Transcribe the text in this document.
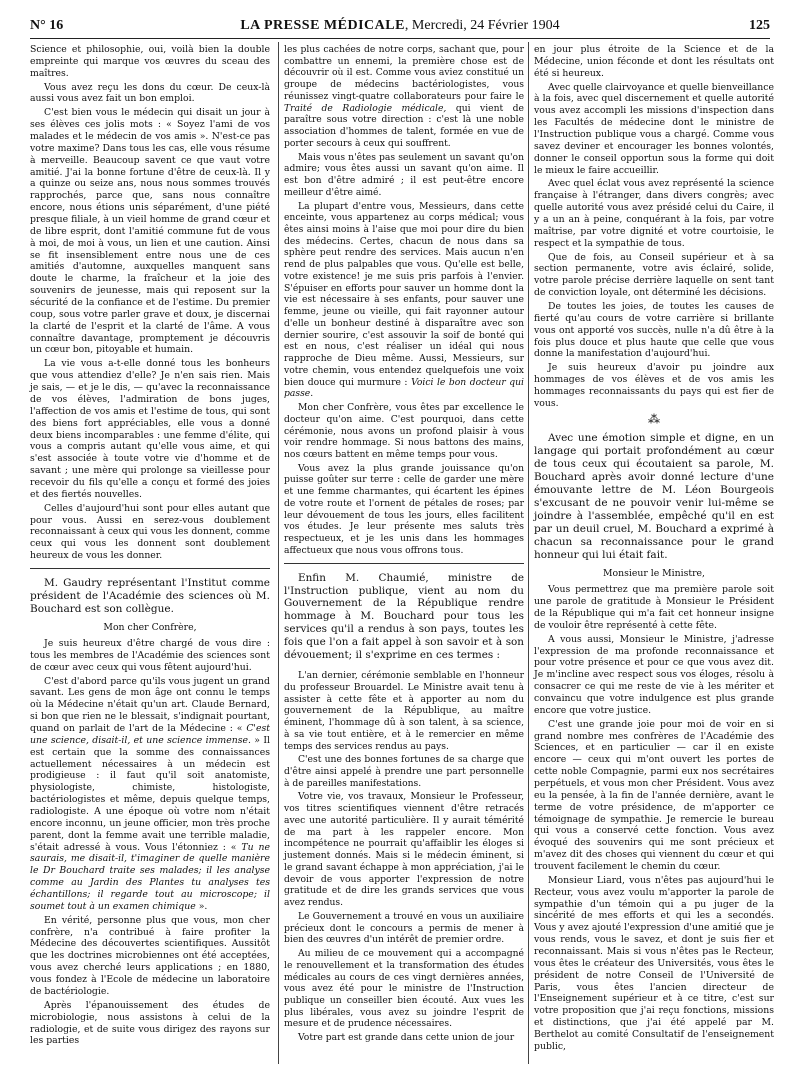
N° 16	LA PRESSE MÉDICALE, Mercredi, 24 Février 1904	125

Science et philosophie, oui, voilà bien la double empreinte qui marque vos œuvres du sceau des maîtres.

Vous avez reçu les dons du cœur. De ceux-là aussi vous avez fait un bon emploi.

C'est bien vous le médecin qui disait un jour à ses élèves ces jolis mots : « Soyez l'ami de vos malades et le médecin de vos amis ». N'est-ce pas votre maxime? Dans tous les cas, elle vous résume à merveille. Beaucoup savent ce que vaut votre amitié. J'ai la bonne fortune d'être de ceux-là. Il y a quinze ou seize ans, nous nous sommes trouvés rapprochés, parce que, sans nous connaître encore, nous étions unis séparément, d'une piété presque filiale, à un vieil homme de grand cœur et de libre esprit, dont l'amitié commune fut de vous à moi, de moi à vous, un lien et une caution. Ainsi se fit insensiblement entre nous une de ces amitiés d'automne, auxquelles manquent sans doute le charme, la fraîcheur et la joie des souvenirs de jeunesse, mais qui reposent sur la sécurité de la confiance et de l'estime. Du premier coup, sous votre parler grave et doux, je discernai la clarté de l'esprit et la clarté de l'âme. A vous connaître davantage, promptement je découvris un cœur bon, pitoyable et humain.

La vie vous a-t-elle donné tous les bonheurs que vous attendiez d'elle? Je n'en sais rien. Mais je sais, — et je le dis, — qu'avec la reconnaissance de vos élèves, l'admiration de bons juges, l'affection de vos amis et l'estime de tous, qui sont des biens fort appréciables, elle vous a donné deux biens incomparables : une femme d'élite, qui vous a compris autant qu'elle vous aime, et qui s'est associée à toute votre vie d'homme et de savant ; une mère qui prolonge sa vieillesse pour recevoir du fils qu'elle a conçu et formé des joies et des fiertés nouvelles.

Celles d'aujourd'hui sont pour elles autant que pour vous. Aussi en serez-vous doublement reconnaissant à ceux qui vous les donnent, comme ceux qui vous les donnent sont doublement heureux de vous les donner.

M. Gaudry représentant l'Institut comme président de l'Académie des sciences où M. Bouchard est son collègue.

Mon cher Confrère,

Je suis heureux d'être chargé de vous dire : tous les membres de l'Académie des sciences sont de cœur avec ceux qui vous fêtent aujourd'hui.

C'est d'abord parce qu'ils vous jugent un grand savant. Les gens de mon âge ont connu le temps où la Médecine n'était qu'un art. Claude Bernard, si bon que rien ne le blessait, s'indignait pourtant, quand on parlait de l'art de la Médecine : « C'est une science, disait-il, et une science immense. » Il est certain que la somme des connaissances actuellement nécessaires à un médecin est prodigieuse : il faut qu'il soit anatomiste, physiologiste, chimiste, histologiste, bactériologistes et même, depuis quelque temps, radiologiste. A une époque où votre nom n'était encore inconnu, un jeune officier, mon très proche parent, dont la femme avait une terrible maladie, s'était adressé à vous. Vous l'étonniez : « Tu ne saurais, me disait-il, t'imaginer de quelle manière le Dr Bouchard traite ses malades; il les analyse comme au Jardin des Plantes tu analyses tes échantillons; il regarde tout au microscope; il soumet tout à un examen chimique ».

En vérité, personne plus que vous, mon cher confrère, n'a contribué à faire profiter la Médecine des découvertes scientifiques. Aussitôt que les doctrines microbiennes ont été acceptées, vous avez cherché leurs applications ; en 1880, vous fondez à l'Ecole de médecine un laboratoire de bactériologie.

Après l'épanouissement des études de microbiologie, nous assistons à celui de la radiologie, et de suite vous dirigez des rayons sur les parties

les plus cachées de notre corps, sachant que, pour combattre un ennemi, la première chose est de découvrir où il est. Comme vous aviez constitué un groupe de médecins bactériologistes, vous réunissez vingt-quatre collaborateurs pour faire le Traité de Radiologie médicale, qui vient de paraître sous votre direction : c'est là une noble association d'hommes de talent, formée en vue de porter secours à ceux qui souffrent.

Mais vous n'êtes pas seulement un savant qu'on admire; vous êtes aussi un savant qu'on aime. Il est bon d'être admiré ; il est peut-être encore meilleur d'être aimé.

La plupart d'entre vous, Messieurs, dans cette enceinte, vous appartenez au corps médical; vous êtes ainsi moins à l'aise que moi pour dire du bien des médecins. Certes, chacun de nous dans sa sphère peut rendre des services. Mais aucun n'en rend de plus palpables que vous. Qu'elle est belle, votre existence! je me suis pris parfois à l'envier. S'épuiser en efforts pour sauver un homme dont la vie est nécessaire à ses enfants, pour sauver une femme, jeune ou vieille, qui fait rayonner autour d'elle un bonheur destiné à disparaître avec son dernier sourire, c'est assouvir la soif de bonté qui est en nous, c'est réaliser un idéal qui nous rapproche de Dieu même. Aussi, Messieurs, sur votre chemin, vous entendez quelquefois une voix bien douce qui murmure : Voici le bon docteur qui passe.

Mon cher Confrère, vous êtes par excellence le docteur qu'on aime. C'est pourquoi, dans cette cérémonie, nous avons un profond plaisir à vous voir rendre hommage. Si nous battons des mains, nos cœurs battent en même temps pour vous.

Vous avez la plus grande jouissance qu'on puisse goûter sur terre : celle de garder une mère et une femme charmantes, qui écartent les épines de votre route et l'ornent de pétales de roses; par leur dévouement de tous les jours, elles facilitent vos études. Je leur présente mes saluts très respectueux, et je les unis dans les hommages affectueux que nous vous offrons tous.

Enfin M. Chaumié, ministre de l'Instruction publique, vient au nom du Gouvernement de la République rendre hommage à M. Bouchard pour tous les services qu'il a rendus à son pays, toutes les fois que l'on a fait appel à son savoir et à son dévouement; il s'exprime en ces termes :

L'an dernier, cérémonie semblable en l'honneur du professeur Brouardel. Le Ministre avait tenu à assister à cette fête et à apporter au nom du gouvernement de la République, au maître éminent, l'hommage dû à son talent, à sa science, à sa vie tout entière, et à le remercier en même temps des services rendus au pays.

C'est une des bonnes fortunes de sa charge que d'être ainsi appelé à prendre une part personnelle à de pareilles manifestations.

Votre vie, vos travaux, Monsieur le Professeur, vos titres scientifiques viennent d'être retracés avec une autorité particulière. Il y aurait témérité de ma part à les rappeler encore. Mon incompétence ne pourrait qu'affaiblir les éloges si justement donnés. Mais si le médecin éminent, si le grand savant échappe à mon appréciation, j'ai le devoir de vous apporter l'expression de notre gratitude et de dire les grands services que vous avez rendus.

Le Gouvernement a trouvé en vous un auxiliaire précieux dont le concours a permis de mener à bien des œuvres d'un intérêt de premier ordre.

Au milieu de ce mouvement qui a accompagné le renouvellement et la transformation des études médicales au cours de ces vingt dernières années, vous avez été pour le ministre de l'Instruction publique un conseiller bien écouté. Aux vues les plus libérales, vous avez su joindre l'esprit de mesure et de prudence nécessaires.

Votre part est grande dans cette union de jour

en jour plus étroite de la Science et de la Médecine, union féconde et dont les résultats ont été si heureux.

Avec quelle clairvoyance et quelle bienveillance à la fois, avec quel discernement et quelle autorité vous avez accompli les missions d'inspection dans les Facultés de médecine dont le ministre de l'Instruction publique vous a chargé. Comme vous savez deviner et encourager les bonnes volontés, donner le conseil opportun sous la forme qui doit le mieux le faire accueillir.

Avec quel éclat vous avez représenté la science française à l'étranger, dans divers congrès; avec quelle autorité vous avez présidé celui du Caire, il y a un an à peine, conquérant à la fois, par votre maîtrise, par votre dignité et votre courtoisie, le respect et la sympathie de tous.

Que de fois, au Conseil supérieur et à sa section permanente, votre avis éclairé, solide, votre parole précise derrière laquelle on sent tant de conviction loyale, ont déterminé les décisions.

De toutes les joies, de toutes les causes de fierté qu'au cours de votre carrière si brillante vous ont apporté vos succès, nulle n'a dû être à la fois plus douce et plus haute que celle que vous donne la manifestation d'aujourd'hui.

Je suis heureux d'avoir pu joindre aux hommages de vos élèves et de vos amis les hommages reconnaissants du pays qui est fier de vous.

⁂

Avec une émotion simple et digne, en un langage qui portait profondément au cœur de tous ceux qui écoutaient sa parole, M. Bouchard après avoir donné lecture d'une émouvante lettre de M. Léon Bourgeois s'excusant de ne pouvoir venir lui-même se joindre à l'assemblée, empêché qu'il en est par un deuil cruel, M. Bouchard a exprimé à chacun sa reconnaissance pour le grand honneur qui lui était fait.

Monsieur le Ministre,

Vous permettrez que ma première parole soit une parole de gratitude à Monsieur le Président de la République qui m'a fait cet honneur insigne de vouloir être représenté à cette fête.

A vous aussi, Monsieur le Ministre, j'adresse l'expression de ma profonde reconnaissance et pour votre présence et pour ce que vous avez dit. Je m'incline avec respect sous vos éloges, résolu à consacrer ce qui me reste de vie à les mériter et convaincu que votre indulgence est plus grande encore que votre justice.

C'est une grande joie pour moi de voir en si grand nombre mes confrères de l'Académie des Sciences, et en particulier — car il en existe encore — ceux qui m'ont ouvert les portes de cette noble Compagnie, parmi eux nos secrétaires perpétuels, et vous mon cher Président. Vous avez eu la pensée, à la fin de l'année dernière, avant le terme de votre présidence, de m'apporter ce témoignage de sympathie. Je remercie le bureau qui vous a conservé cette fonction. Vous avez évoqué des souvenirs qui me sont précieux et m'avez dit des choses qui viennent du cœur et qui trouvent facilement le chemin du cœur.

Monsieur Liard, vous n'êtes pas aujourd'hui le Recteur, vous avez voulu m'apporter la parole de sympathie d'un témoin qui a pu juger de la sincérité de mes efforts et qui les a secondés. Vous y avez ajouté l'expression d'une amitié que je vous rends, vous le savez, et dont je suis fier et reconnaissant. Mais si vous n'êtes pas le Recteur, vous êtes le créateur des Universités, vous êtes le président de notre Conseil de l'Université de Paris, vous êtes l'ancien directeur de l'Enseignement supérieur et à ce titre, c'est sur votre proposition que j'ai reçu fonctions, missions et distinctions, que j'ai été appelé par M. Berthelot au comité Consultatif de l'enseignement public,
